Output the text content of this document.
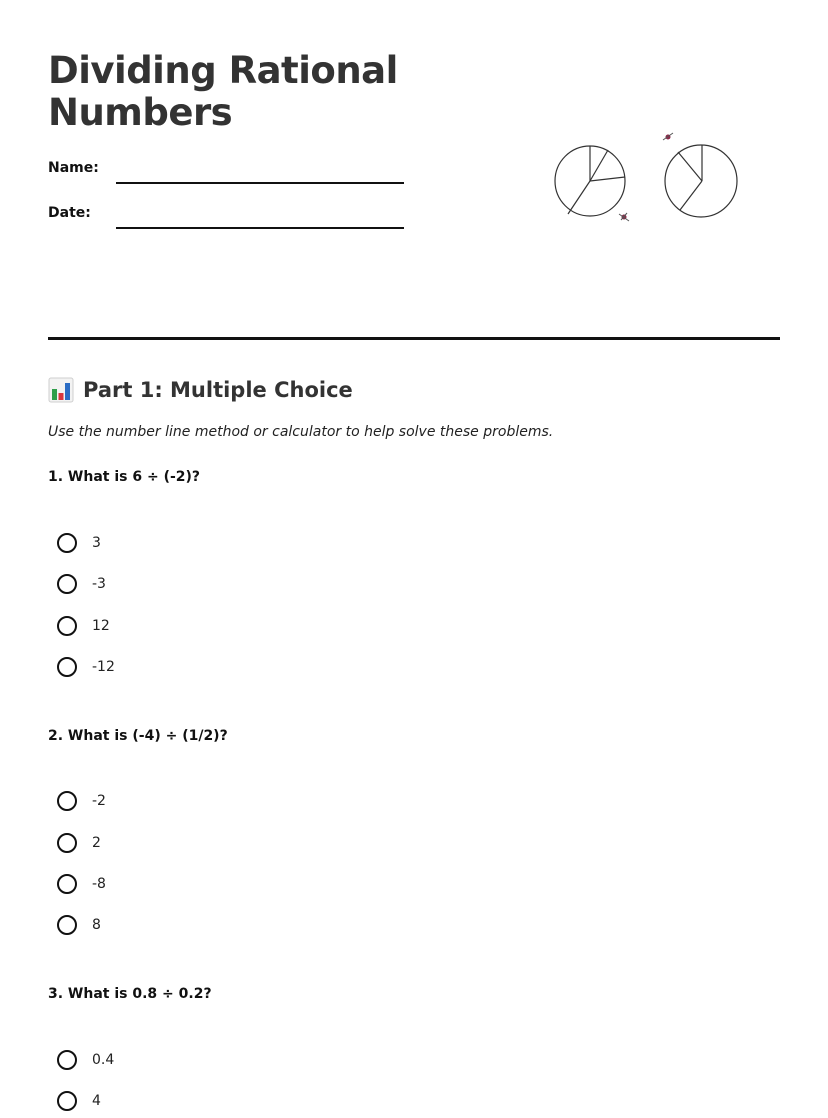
Dividing Rational
Numbers
Name:
Date:
Part 1: Multiple Choice

Use the number line method or calculator to help solve these problems.

1. What is 6 ÷ (-2)?

3
-3
12
-12

2. What is (-4) ÷ (1/2)?

-2
2
-8
8

3. What is 0.8 ÷ 0.2?

0.4
4
